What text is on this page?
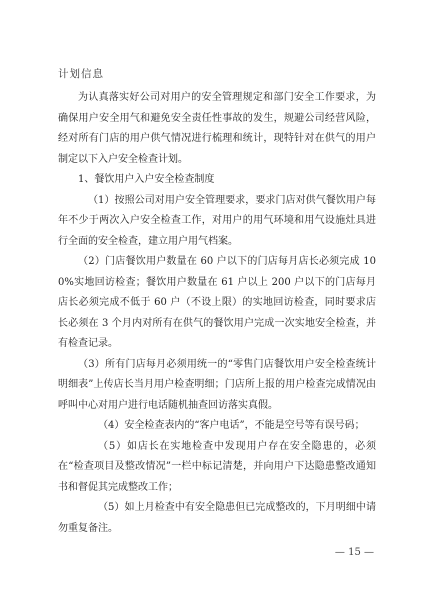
计划信息

为认真落实好公司对用户的安全管理规定和部门安全工作要求，为确保用户安全用气和避免安全责任性事故的发生，规避公司经营风险，经对所有门店的用户供气情况进行梳理和统计，现特针对在供气的用户制定以下入户安全检查计划。

1、餐饮用户入户安全检查制度

（1）按照公司对用户安全管理要求，要求门店对供气餐饮用户每年不少于两次入户安全检查工作，对用户的用气环境和用气设施灶具进行全面的安全检查，建立用户用气档案。

（2）门店餐饮用户数量在 60 户以下的门店每月店长必须完成 100%实地回访检查；餐饮用户数量在 61 户以上 200 户以下的门店每月店长必须完成不低于 60 户（不设上限）的实地回访检查，同时要求店长必须在 3 个月内对所有在供气的餐饮用户完成一次实地安全检查，并有检查记录。

（3）所有门店每月必须用统一的“零售门店餐饮用户安全检查统计明细表”上传店长当月用户检查明细；门店所上报的用户检查完成情况由呼叫中心对用户进行电话随机抽查回访落实真假。

（4）安全检查表内的“客户电话”，不能是空号等有误号码；

（5）如店长在实地检查中发现用户存在安全隐患的，必须在“检查项目及整改情况”一栏中标记清楚，并向用户下达隐患整改通知书和督促其完成整改工作；

（5）如上月检查中有安全隐患但已完成整改的，下月明细中请勿重复备注。

— 15 —
